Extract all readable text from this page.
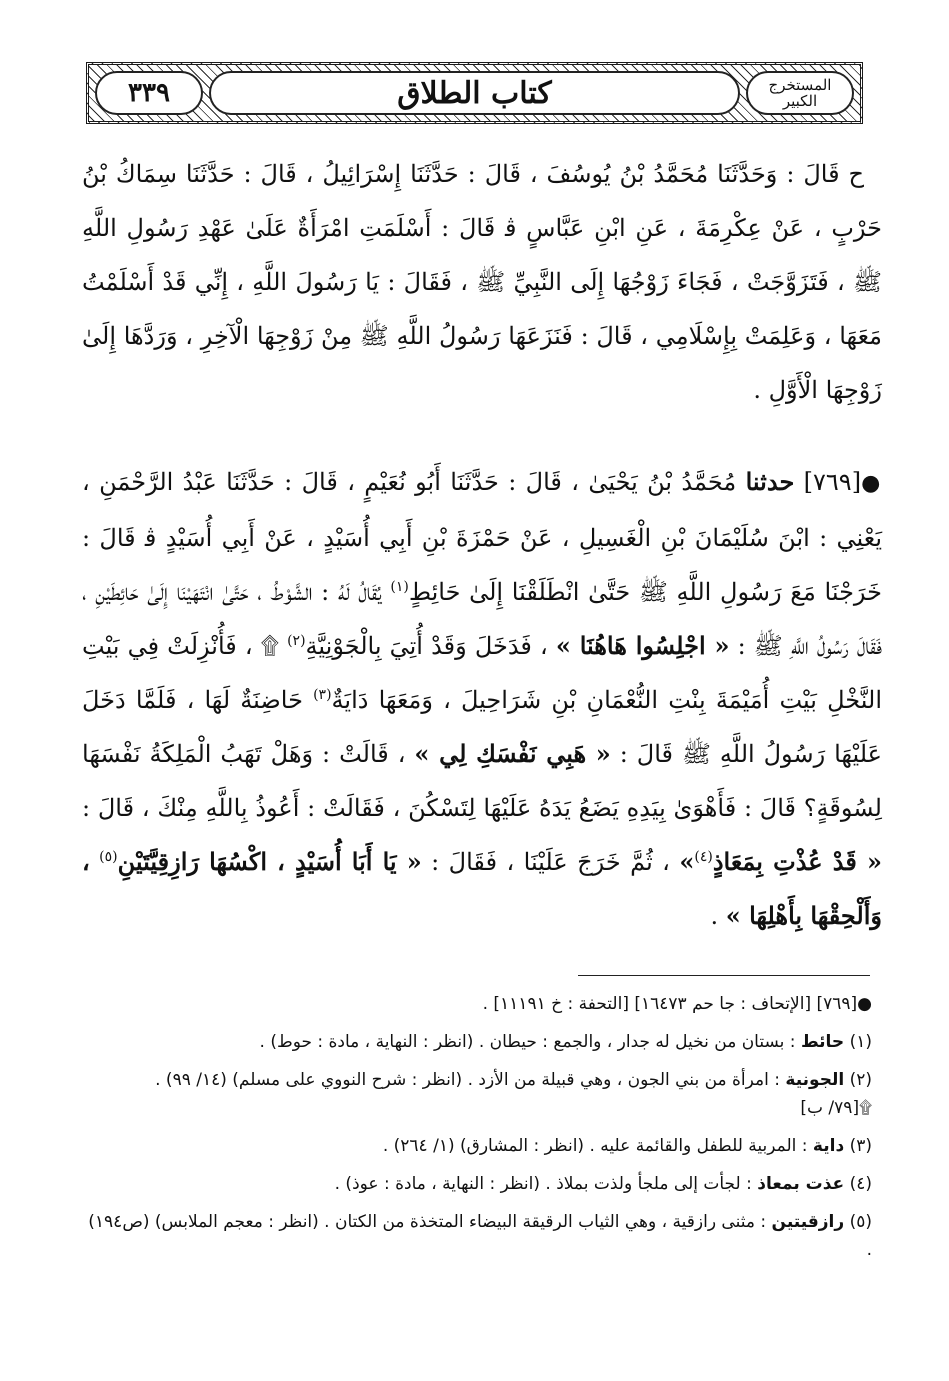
٣٣٩	كتاب الطلاق	المستخرج
الكبير
ح قَالَ : وَحَدَّثَنَا مُحَمَّدُ بْنُ يُوسُفَ ، قَالَ : حَدَّثَنَا إِسْرَائِيلُ ، قَالَ : حَدَّثَنَا سِمَاكُ بْنُ حَرْبٍ ، عَنْ عِكْرِمَةَ ، عَنِ ابْنِ عَبَّاسٍ ﭬ قَالَ : أَسْلَمَتِ امْرَأَةٌ عَلَىٰ عَهْدِ رَسُولِ اللَّهِ ﷺ ، فَتَزَوَّجَتْ ، فَجَاءَ زَوْجُهَا إِلَى النَّبِيِّ ﷺ ، فَقَالَ : يَا رَسُولَ اللَّهِ ، إِنِّي قَدْ أَسْلَمْتُ مَعَهَا ، وَعَلِمَتْ بِإِسْلَامِي ، قَالَ : فَنَزَعَهَا رَسُولُ اللَّهِ ﷺ مِنْ زَوْجِهَا الْآخِرِ ، وَرَدَّهَا إِلَىٰ زَوْجِهَا الْأَوَّلِ .
●[٧٦٩] حدثنا مُحَمَّدُ بْنُ يَحْيَىٰ ، قَالَ : حَدَّثَنَا أَبُو نُعَيْمٍ ، قَالَ : حَدَّثَنَا عَبْدُ الرَّحْمَنِ ، يَعْنِي : ابْنَ سُلَيْمَانَ بْنِ الْغَسِيلِ ، عَنْ حَمْزَةَ بْنِ أَبِي أُسَيْدٍ ، عَنْ أَبِي أُسَيْدٍ ﭬ قَالَ : خَرَجْنَا مَعَ رَسُولِ اللَّهِ ﷺ حَتَّىٰ انْطَلَقْنَا إِلَىٰ حَائِطٍ$^{(١)}$ يُقَالُ لَهُ : الشَّوْطُ ، حَتَّىٰ انْتَهَيْنَا إِلَىٰ حَائِطَيْنِ ، فَقَالَ رَسُولُ اللَّهِ ﷺ : « اجْلِسُوا هَاهُنَا » ، فَدَخَلَ وَقَدْ أُتِيَ بِالْجَوْنِيَّةِ$^{(٢)}$ ۩ ، فَأُنْزِلَتْ فِي بَيْتِ النَّخْلِ بَيْتِ أُمَيْمَةَ بِنْتِ النُّعْمَانِ بْنِ شَرَاحِيلَ ، وَمَعَهَا دَايَةٌ$^{(٣)}$ حَاضِنَةٌ لَهَا ، فَلَمَّا دَخَلَ عَلَيْهَا رَسُولُ اللَّهِ ﷺ قَالَ : « هَبِي نَفْسَكِ لِي » ، قَالَتْ : وَهَلْ تَهَبُ الْمَلِكَةُ نَفْسَهَا لِسُوقَةٍ؟ قَالَ : فَأَهْوَىٰ بِيَدِهِ يَضَعُ يَدَهُ عَلَيْهَا لِتَسْكُنَ ، فَقَالَتْ : أَعُوذُ بِاللَّهِ مِنْكَ ، قَالَ : « قَدْ عُذْتِ بِمَعَاذٍ$^{(٤)}$» ، ثُمَّ خَرَجَ عَلَيْنَا ، فَقَالَ : « يَا أَبَا أُسَيْدٍ ، اكْسُهَا رَازِقِيَّتَيْنِ$^{(٥)}$ ، وَأَلْحِقْهَا بِأَهْلِهَا » .
●[٧٦٩] [الإتحاف : جا حم ١٦٤٧٣] [التحفة : خ ١١١٩١] .
(١) حائط : بستان من نخيل له جدار ، والجمع : حيطان . (انظر : النهاية ، مادة : حوط) .
(٢) الجونية : امرأة من بني الجون ، وهي قبيلة من الأزد . (انظر : شرح النووي على مسلم) (١٤/ ٩٩) .
۩[٧٩/ ب]
(٣) داية : المربية للطفل والقائمة عليه . (انظر : المشارق) (١/ ٢٦٤) .
(٤) عذت بمعاذ : لجأت إلى ملجأ ولذت بملاذ . (انظر : النهاية ، مادة : عوذ) .
(٥) رازقيتين : مثنى رازقية ، وهي الثياب الرقيقة البيضاء المتخذة من الكتان . (انظر : معجم الملابس) (ص١٩٤) .
